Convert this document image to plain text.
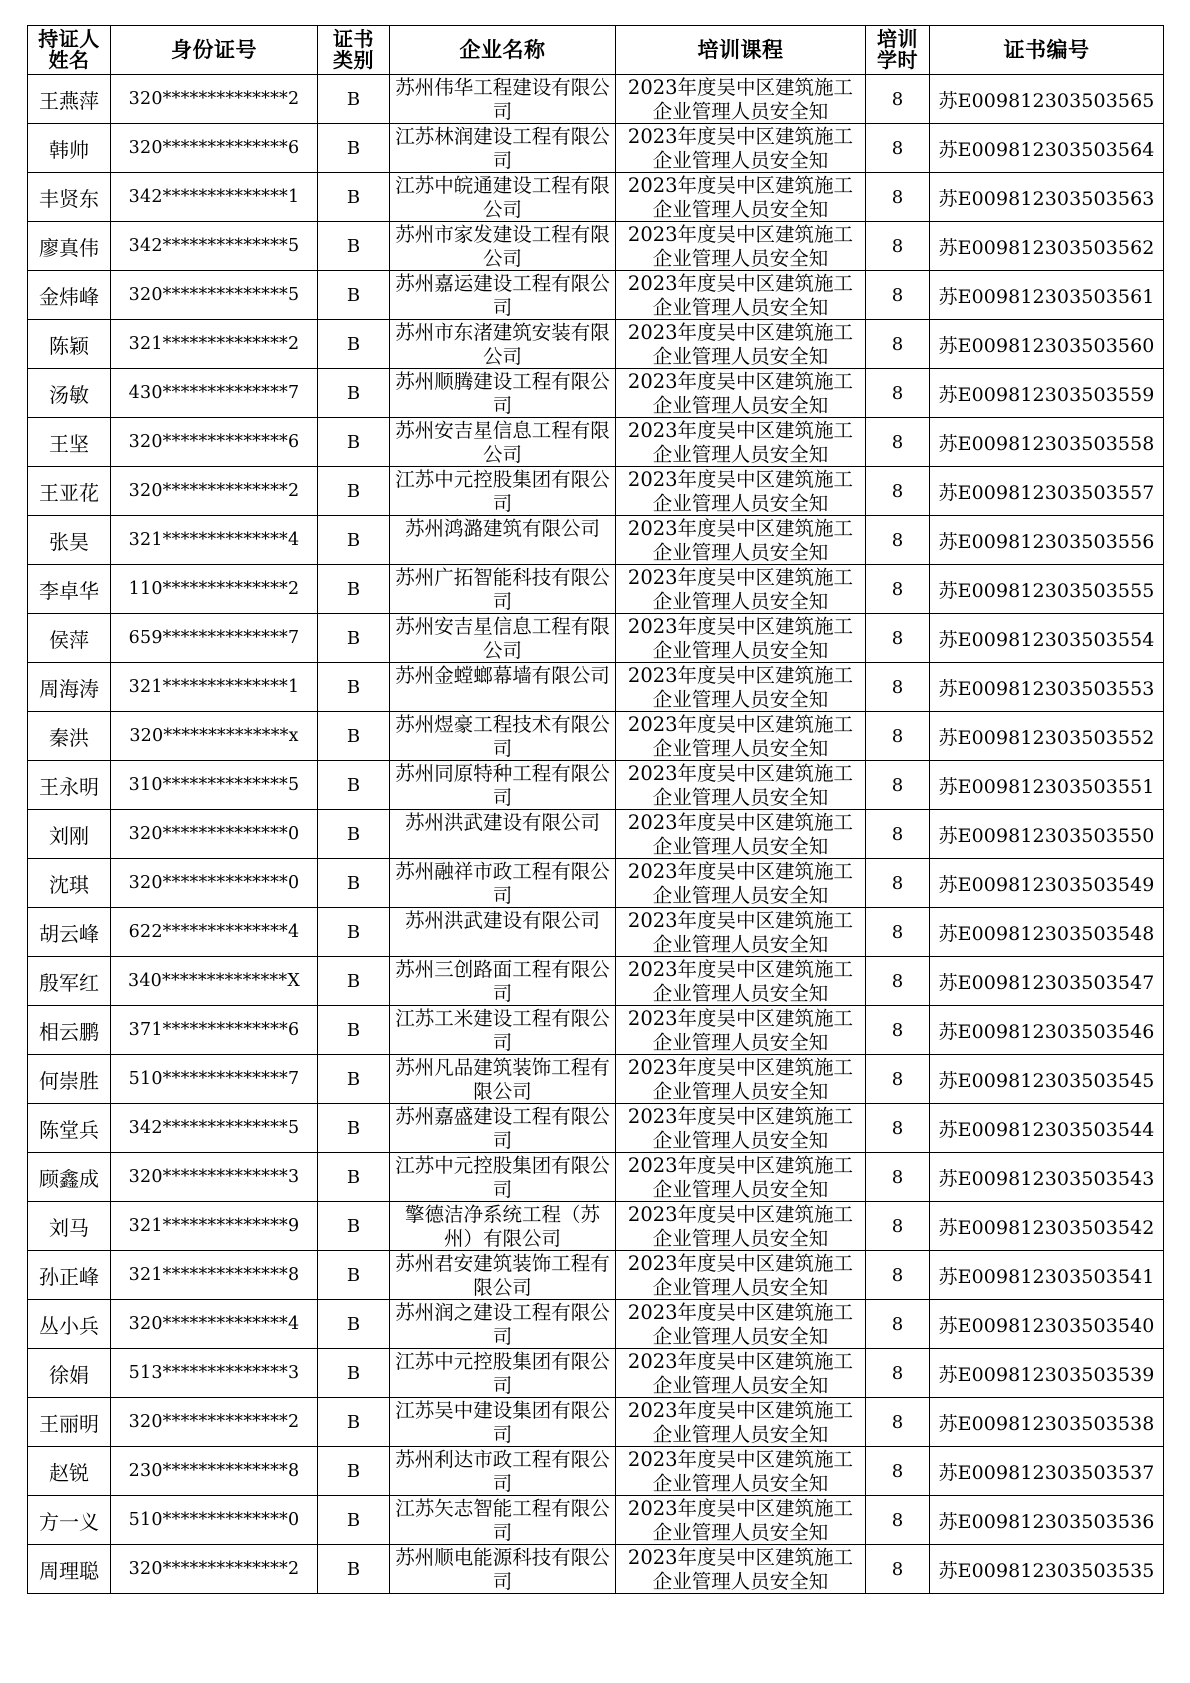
持证人姓名	身份证号	证书类别	企业名称	培训课程	培训学时	证书编号
王燕萍	320**************2	B	苏州伟华工程建设有限公司	2023年度吴中区建筑施工企业管理人员安全知	8	苏E009812303503565
韩帅	320**************6	B	江苏林润建设工程有限公司	2023年度吴中区建筑施工企业管理人员安全知	8	苏E009812303503564
丰贤东	342**************1	B	江苏中皖通建设工程有限公司	2023年度吴中区建筑施工企业管理人员安全知	8	苏E009812303503563
廖真伟	342**************5	B	苏州市家发建设工程有限公司	2023年度吴中区建筑施工企业管理人员安全知	8	苏E009812303503562
金炜峰	320**************5	B	苏州嘉运建设工程有限公司	2023年度吴中区建筑施工企业管理人员安全知	8	苏E009812303503561
陈颖	321**************2	B	苏州市东渚建筑安装有限公司	2023年度吴中区建筑施工企业管理人员安全知	8	苏E009812303503560
汤敏	430**************7	B	苏州顺腾建设工程有限公司	2023年度吴中区建筑施工企业管理人员安全知	8	苏E009812303503559
王坚	320**************6	B	苏州安吉星信息工程有限公司	2023年度吴中区建筑施工企业管理人员安全知	8	苏E009812303503558
王亚花	320**************2	B	江苏中元控股集团有限公司	2023年度吴中区建筑施工企业管理人员安全知	8	苏E009812303503557
张昊	321**************4	B	苏州鸿潞建筑有限公司	2023年度吴中区建筑施工企业管理人员安全知	8	苏E009812303503556
李卓华	110**************2	B	苏州广拓智能科技有限公司	2023年度吴中区建筑施工企业管理人员安全知	8	苏E009812303503555
侯萍	659**************7	B	苏州安吉星信息工程有限公司	2023年度吴中区建筑施工企业管理人员安全知	8	苏E009812303503554
周海涛	321**************1	B	苏州金螳螂幕墙有限公司	2023年度吴中区建筑施工企业管理人员安全知	8	苏E009812303503553
秦洪	320**************x	B	苏州煜豪工程技术有限公司	2023年度吴中区建筑施工企业管理人员安全知	8	苏E009812303503552
王永明	310**************5	B	苏州同原特种工程有限公司	2023年度吴中区建筑施工企业管理人员安全知	8	苏E009812303503551
刘刚	320**************0	B	苏州洪武建设有限公司	2023年度吴中区建筑施工企业管理人员安全知	8	苏E009812303503550
沈琪	320**************0	B	苏州融祥市政工程有限公司	2023年度吴中区建筑施工企业管理人员安全知	8	苏E009812303503549
胡云峰	622**************4	B	苏州洪武建设有限公司	2023年度吴中区建筑施工企业管理人员安全知	8	苏E009812303503548
殷军红	340**************X	B	苏州三创路面工程有限公司	2023年度吴中区建筑施工企业管理人员安全知	8	苏E009812303503547
相云鹏	371**************6	B	江苏工米建设工程有限公司	2023年度吴中区建筑施工企业管理人员安全知	8	苏E009812303503546
何崇胜	510**************7	B	苏州凡品建筑装饰工程有限公司	2023年度吴中区建筑施工企业管理人员安全知	8	苏E009812303503545
陈堂兵	342**************5	B	苏州嘉盛建设工程有限公司	2023年度吴中区建筑施工企业管理人员安全知	8	苏E009812303503544
顾鑫成	320**************3	B	江苏中元控股集团有限公司	2023年度吴中区建筑施工企业管理人员安全知	8	苏E009812303503543
刘马	321**************9	B	擎德洁净系统工程（苏州）有限公司	2023年度吴中区建筑施工企业管理人员安全知	8	苏E009812303503542
孙正峰	321**************8	B	苏州君安建筑装饰工程有限公司	2023年度吴中区建筑施工企业管理人员安全知	8	苏E009812303503541
丛小兵	320**************4	B	苏州润之建设工程有限公司	2023年度吴中区建筑施工企业管理人员安全知	8	苏E009812303503540
徐娟	513**************3	B	江苏中元控股集团有限公司	2023年度吴中区建筑施工企业管理人员安全知	8	苏E009812303503539
王丽明	320**************2	B	江苏吴中建设集团有限公司	2023年度吴中区建筑施工企业管理人员安全知	8	苏E009812303503538
赵锐	230**************8	B	苏州利达市政工程有限公司	2023年度吴中区建筑施工企业管理人员安全知	8	苏E009812303503537
方一义	510**************0	B	江苏矢志智能工程有限公司	2023年度吴中区建筑施工企业管理人员安全知	8	苏E009812303503536
周理聪	320**************2	B	苏州顺电能源科技有限公司	2023年度吴中区建筑施工企业管理人员安全知	8	苏E009812303503535
